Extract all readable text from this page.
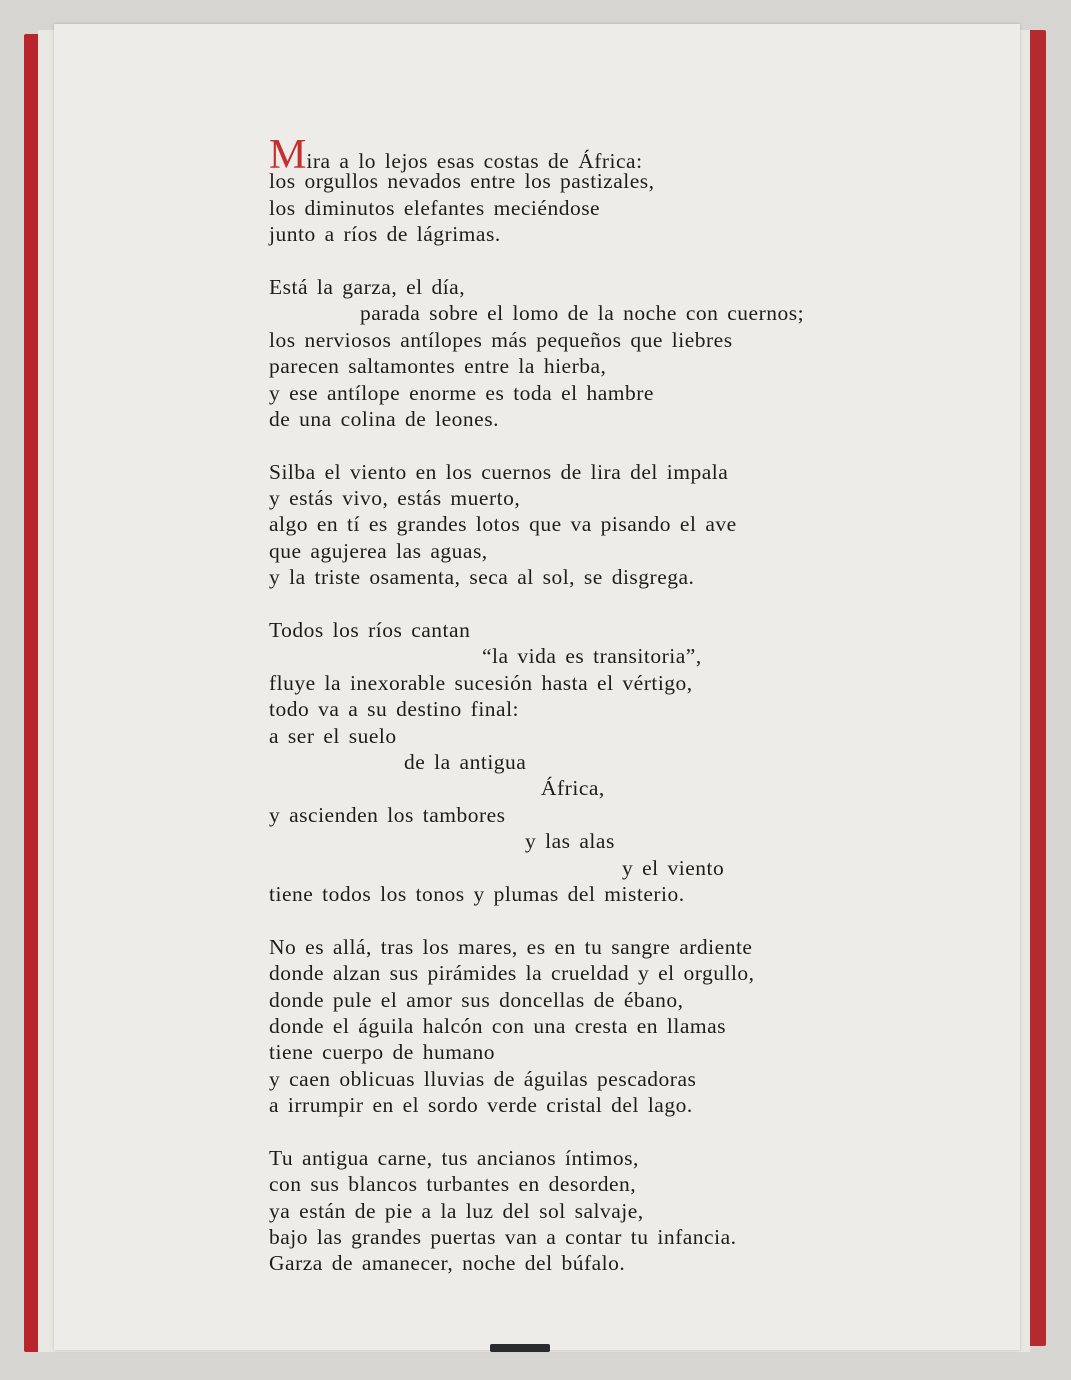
Mira a lo lejos esas costas de África:
los orgullos nevados entre los pastizales,
los diminutos elefantes meciéndose
junto a ríos de lágrimas.
Está la garza, el día,
parada sobre el lomo de la noche con cuernos;
los nerviosos antílopes más pequeños que liebres
parecen saltamontes entre la hierba,
y ese antílope enorme es toda el hambre
de una colina de leones.
Silba el viento en los cuernos de lira del impala
y estás vivo, estás muerto,
algo en tí es grandes lotos que va pisando el ave
que agujerea las aguas,
y la triste osamenta, seca al sol, se disgrega.
Todos los ríos cantan
“la vida es transitoria”,
fluye la inexorable sucesión hasta el vértigo,
todo va a su destino final:
a ser el suelo
de la antigua
África,
y ascienden los tambores
y las alas
y el viento
tiene todos los tonos y plumas del misterio.
No es allá, tras los mares, es en tu sangre ardiente
donde alzan sus pirámides la crueldad y el orgullo,
donde pule el amor sus doncellas de ébano,
donde el águila halcón con una cresta en llamas
tiene cuerpo de humano
y caen oblicuas lluvias de águilas pescadoras
a irrumpir en el sordo verde cristal del lago.
Tu antigua carne, tus ancianos íntimos,
con sus blancos turbantes en desorden,
ya están de pie a la luz del sol salvaje,
bajo las grandes puertas van a contar tu infancia.
Garza de amanecer, noche del búfalo.
